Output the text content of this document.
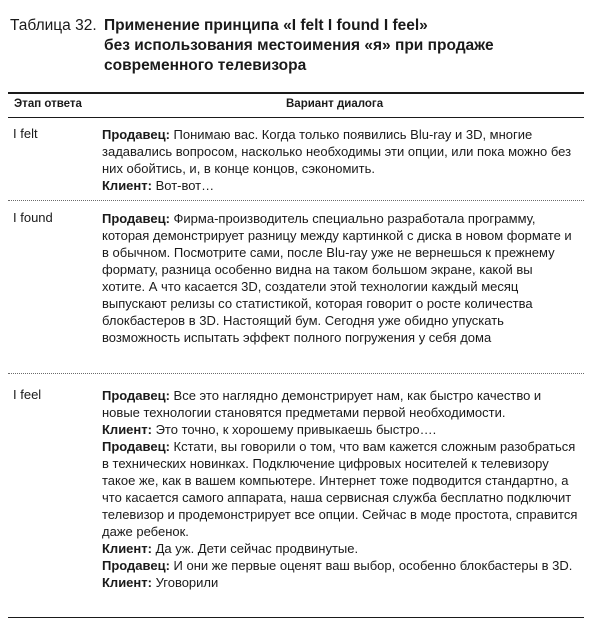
Таблица 32. Применение принципа «I felt I found I feel»
без использования местоимения «я» при продаже
современного телевизора
Этап ответа	Вариант диалога
I felt	Продавец: Понимаю вас. Когда только появились Blu-ray и 3D, многие задавались вопросом, насколько необходимы эти опции, или пока можно без них обойтись, и, в конце концов, сэкономить.

Клиент: Вот-вот…

I found	Продавец: Фирма-производитель специально разработала программу, которая демонстрирует разницу между картинкой с диска в новом формате и в обычном. Посмотрите сами, после Blu-ray уже не вернешься к прежнему формату, разница особенно видна на таком большом экране, какой вы хотите. А что касается 3D, создатели этой технологии каждый месяц выпускают релизы со статистикой, которая говорит о росте количества блокбастеров в 3D. Настоящий бум. Сегодня уже обидно упускать возможность испытать эффект полного погружения у себя дома

I feel	Продавец: Все это наглядно демонстрирует нам, как быстро качество и новые технологии становятся предметами первой необходимости.

Клиент: Это точно, к хорошему привыкаешь быстро….

Продавец: Кстати, вы говорили о том, что вам кажется сложным разобраться в технических новинках. Подключение цифровых носителей к телевизору такое же, как в вашем компьютере. Интернет тоже подводится стандартно, а что касается самого аппарата, наша сервисная служба бесплатно подключит телевизор и продемонстрирует все опции. Сейчас в моде простота, справится даже ребенок.

Клиент: Да уж. Дети сейчас продвинутые.

Продавец: И они же первые оценят ваш выбор, особенно блокбастеры в 3D.

Клиент: Уговорили
